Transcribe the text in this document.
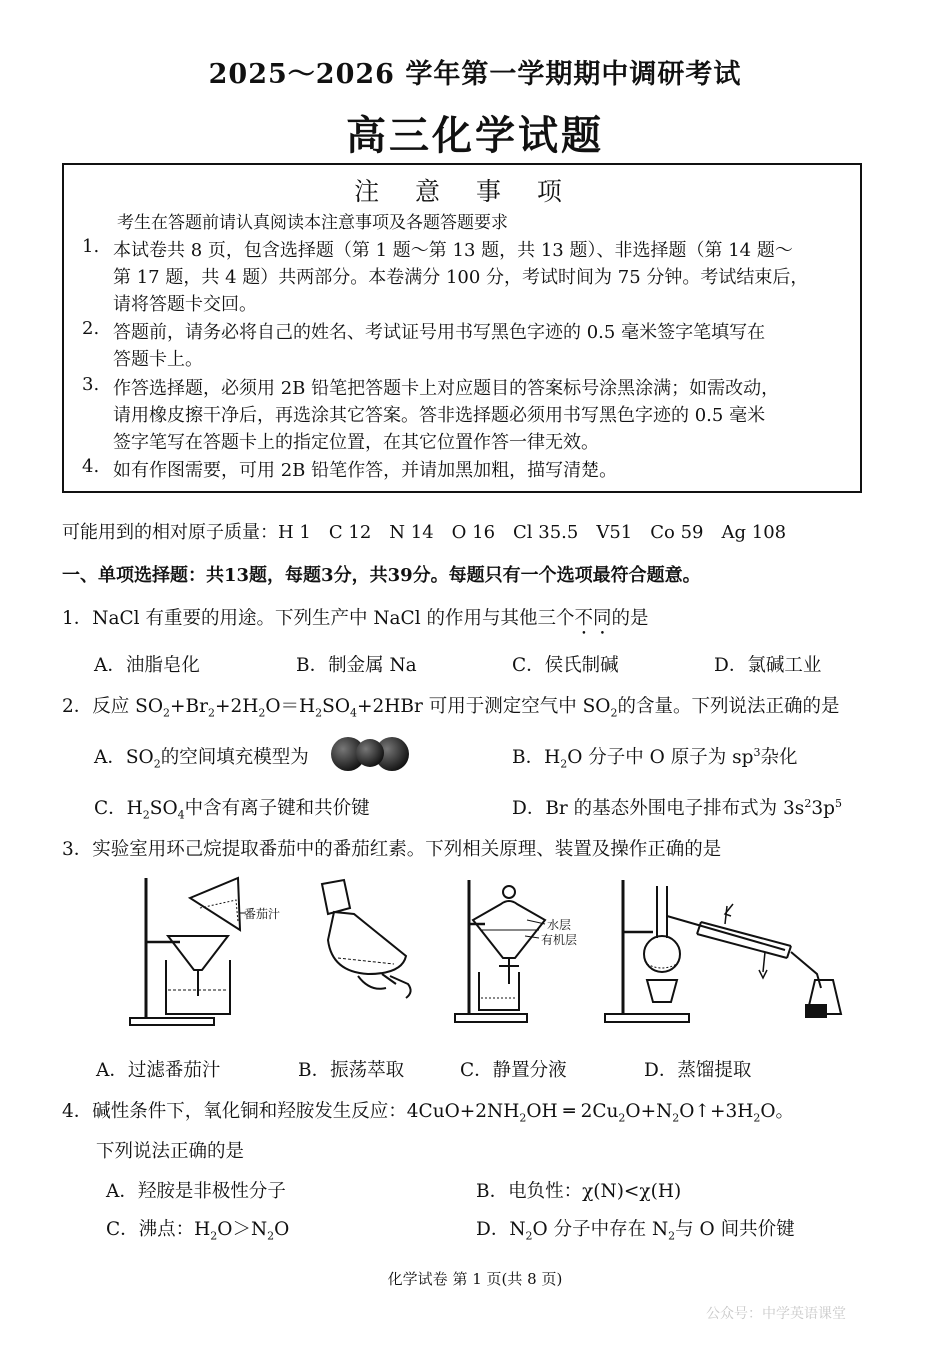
2025～2026 学年第一学期期中调研考试
高三化学试题
注 意 事 项
考生在答题前请认真阅读本注意事项及各题答题要求
1. 本试卷共 8 页，包含选择题（第 1 题～第 13 题，共 13 题）、非选择题（第 14 题～
第 17 题，共 4 题）共两部分。本卷满分 100 分，考试时间为 75 分钟。考试结束后，
请将答题卡交回。
2. 答题前，请务必将自己的姓名、考试证号用书写黑色字迹的 0.5 毫米签字笔填写在
答题卡上。
3. 作答选择题，必须用 2B 铅笔把答题卡上对应题目的答案标号涂黑涂满；如需改动，
请用橡皮擦干净后，再选涂其它答案。答非选择题必须用书写黑色字迹的 0.5 毫米
签字笔写在答题卡上的指定位置，在其它位置作答一律无效。
4. 如有作图需要，可用 2B 铅笔作答，并请加黑加粗，描写清楚。
可能用到的相对原子质量：H 1　C 12　N 14　O 16　Cl 35.5　V51　Co 59　Ag 108
一、单项选择题：共13题，每题3分，共39分。每题只有一个选项最符合题意。
1．NaCl 有重要的用途。下列生产中 NaCl 的作用与其他三个不同的是
A．油脂皂化	B．制金属 Na	C．侯氏制碱	D．氯碱工业
2．反应 $SO_2+Br_2+2H_2O=H_2SO_4+2HBr$ 可用于测定空气中 $SO_2$的含量。下列说法正确的是
A．$SO_2$的空间填充模型为	B．$H_2O$ 分子中 O 原子为 $sp^3$杂化
C．$H_2SO_4$中含有离子键和共价键	D．Br 的基态外围电子排布式为 $3s^23p^5$
3．实验室用环己烷提取番茄中的番茄红素。下列相关原理、装置及操作正确的是
番茄汁
水层
有机层
A．过滤番茄汁	B．振荡萃取	C．静置分液	D．蒸馏提取
4．碱性条件下，氧化铜和羟胺发生反应：$4CuO+2NH_2OH$ ═ $2Cu_2O+N_2O↑+3H_2O$。
下列说法正确的是
A．羟胺是非极性分子	B．电负性：χ(N)<χ(H)
C．沸点：$H_2O>N_2O$	D．$N_2O$ 分子中存在 $N_2$与 O 间共价键
化学试卷 第 1 页(共 8 页)
公众号：中学英语课堂
